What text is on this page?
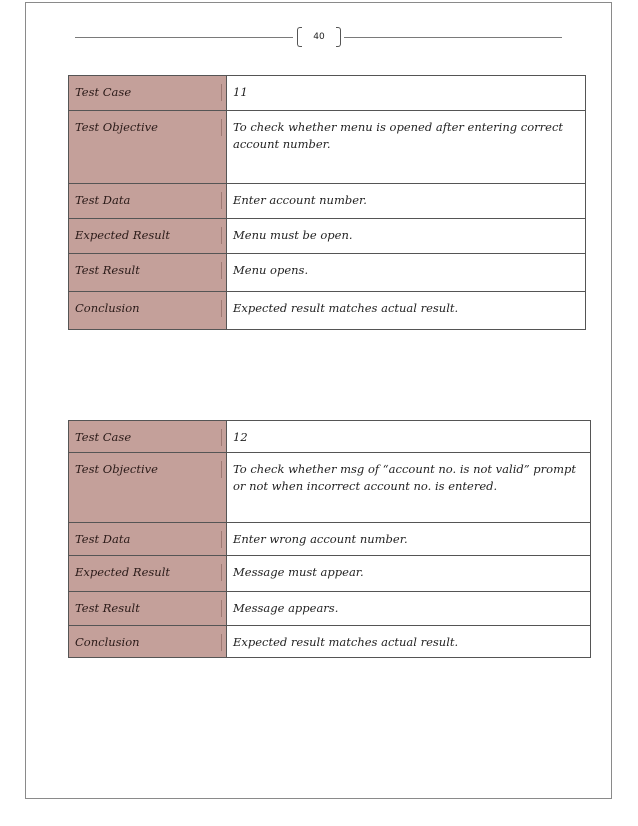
40
Test Case	11

Test Objective	To check whether menu is opened after entering correct account number.

Test Data	Enter account number.

Expected Result	Menu must be open.

Test Result	Menu opens.

Conclusion	Expected result matches actual result.
Test Case	12

Test Objective	To check whether msg of “account no. is not valid” prompt or not when incorrect account no. is entered.

Test Data	Enter wrong account number.

Expected Result	Message must appear.

Test Result	Message appears.

Conclusion	Expected result matches actual result.
